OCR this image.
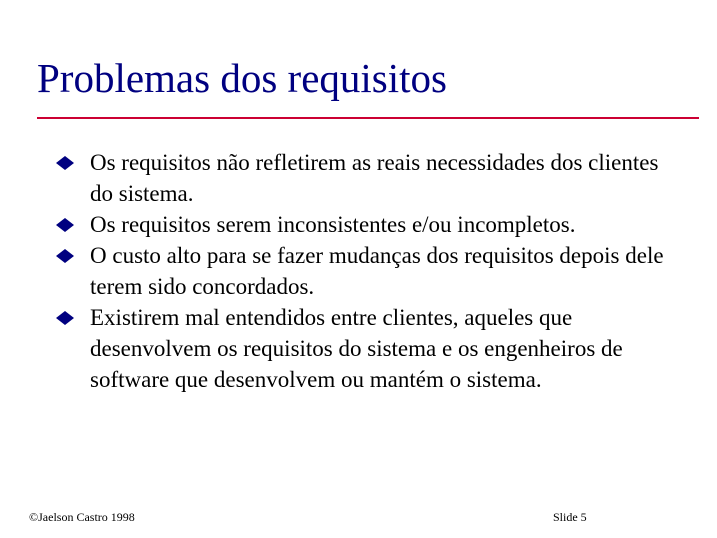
Problemas dos requisitos
Os requisitos não refletirem as reais necessidades dos clientes do sistema.
Os requisitos serem inconsistentes e/ou incompletos.
O custo alto para se fazer mudanças dos requisitos depois dele terem sido concordados.
Existirem mal entendidos entre clientes, aqueles que desenvolvem os requisitos do sistema e os engenheiros de software que desenvolvem ou mantém o sistema.
©Jaelson Castro 1998	Slide 5
